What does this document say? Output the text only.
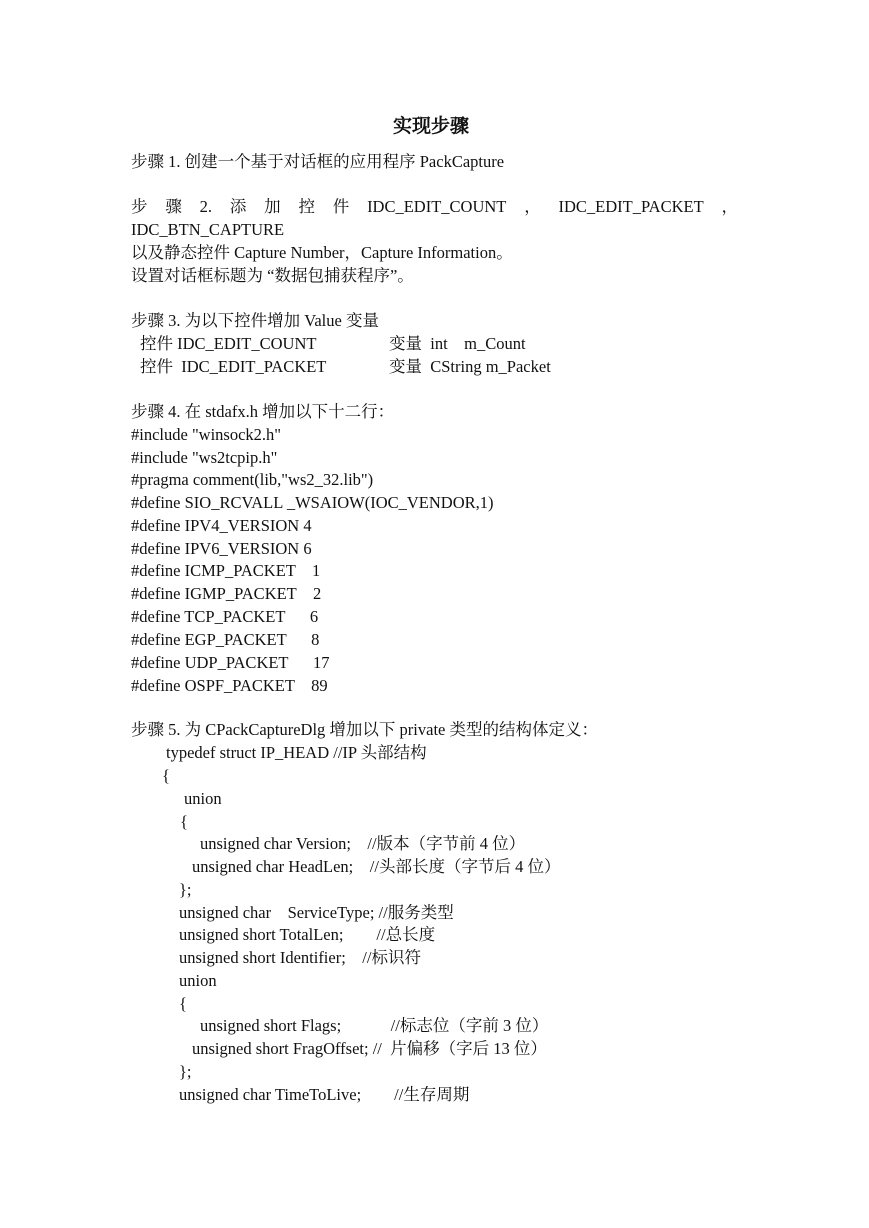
实现步骤
步骤 1. 创建一个基于对话框的应用程序 PackCapture
步 骤 2. 添 加 控 件 IDC_EDIT_COUNT ， IDC_EDIT_PACKET ，
IDC_BTN_CAPTURE
以及静态控件 Capture Number，Capture Information。
设置对话框标题为 “数据包捕获程序”。
步骤 3. 为以下控件增加 Value 变量
控件 IDC_EDIT_COUNT	变量  int    m_Count
控件  IDC_EDIT_PACKET	变量  CString m_Packet
步骤 4. 在 stdafx.h 增加以下十二行：
#include "winsock2.h"
#include "ws2tcpip.h"
#pragma comment(lib,"ws2_32.lib")
#define SIO_RCVALL _WSAIOW(IOC_VENDOR,1)
#define IPV4_VERSION 4
#define IPV6_VERSION 6
#define ICMP_PACKET    1
#define IGMP_PACKET    2
#define TCP_PACKET      6
#define EGP_PACKET      8
#define UDP_PACKET      17
#define OSPF_PACKET    89
步骤 5. 为 CPackCaptureDlg 增加以下 private 类型的结构体定义：
typedef struct IP_HEAD //IP 头部结构
{
union
{
unsigned char Version;    //版本（字节前 4 位）
unsigned char HeadLen;    //头部长度（字节后 4 位）
};
unsigned char    ServiceType; //服务类型
unsigned short TotalLen;        //总长度
unsigned short Identifier;    //标识符
union
{
unsigned short Flags;            //标志位（字前 3 位）
unsigned short FragOffset; //  片偏移（字后 13 位）
};
unsigned char TimeToLive;        //生存周期
